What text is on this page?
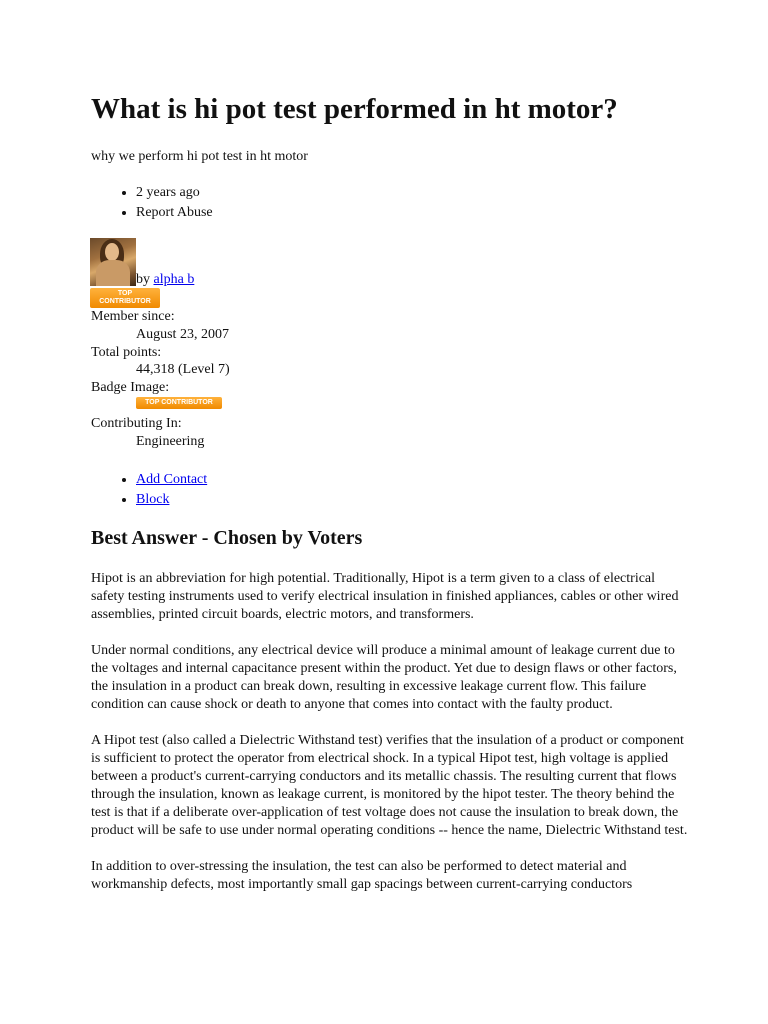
What is hi pot test performed in ht motor?

why we perform hi pot test in ht motor

• 2 years ago
• Report Abuse
by alpha b
TOP
CONTRIBUTOR
Member since:
August 23, 2007
Total points:
44,318 (Level 7)
Badge Image:
TOP CONTRIBUTOR
Contributing In:
Engineering
• Add Contact
• Block
Best Answer - Chosen by Voters

Hipot is an abbreviation for high potential. Traditionally, Hipot is a term given to a class of electrical safety testing instruments used to verify electrical insulation in finished appliances, cables or other wired assemblies, printed circuit boards, electric motors, and transformers.

Under normal conditions, any electrical device will produce a minimal amount of leakage current due to the voltages and internal capacitance present within the product. Yet due to design flaws or other factors, the insulation in a product can break down, resulting in excessive leakage current flow. This failure condition can cause shock or death to anyone that comes into contact with the faulty product.

A Hipot test (also called a Dielectric Withstand test) verifies that the insulation of a product or component is sufficient to protect the operator from electrical shock. In a typical Hipot test, high voltage is applied between a product's current-carrying conductors and its metallic chassis. The resulting current that flows through the insulation, known as leakage current, is monitored by the hipot tester. The theory behind the test is that if a deliberate over-application of test voltage does not cause the insulation to break down, the product will be safe to use under normal operating conditions -- hence the name, Dielectric Withstand test.

In addition to over-stressing the insulation, the test can also be performed to detect material and workmanship defects, most importantly small gap spacings between current-carrying conductors
